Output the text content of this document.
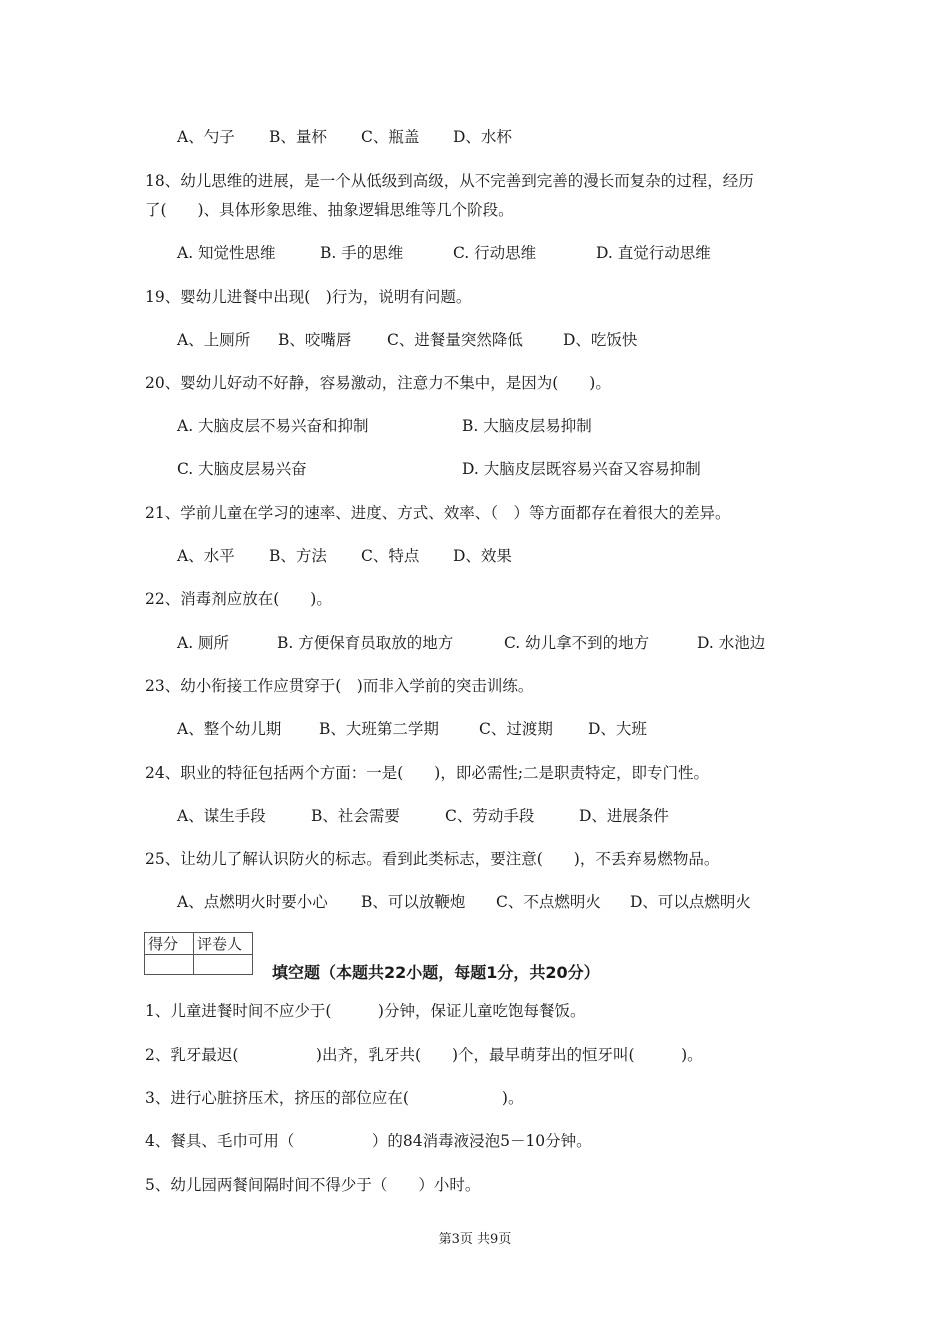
A、勺子 B、量杯 C、瓶盖 D、水杯
18、幼儿思维的进展，是一个从低级到高级，从不完善到完善的漫长而复杂的过程，经历
了(　　)、具体形象思维、抽象逻辑思维等几个阶段。
A. 知觉性思维	B. 手的思维	C. 行动思维	D. 直觉行动思维
19、婴幼儿进餐中出现(　)行为，说明有问题。
A、上厕所 B、咬嘴唇 C、进餐量突然降低	D、吃饭快
20、婴幼儿好动不好静，容易激动，注意力不集中，是因为(　　)。
A. 大脑皮层不易兴奋和抑制	B. 大脑皮层易抑制
C. 大脑皮层易兴奋	D. 大脑皮层既容易兴奋又容易抑制
21、学前儿童在学习的速率、进度、方式、效率、（　）等方面都存在着很大的差异。
A、水平 B、方法 C、特点 D、效果
22、消毒剂应放在(　　)。
A. 厕所	B. 方便保育员取放的地方	C. 幼儿拿不到的地方	D. 水池边
23、幼小衔接工作应贯穿于(　)而非入学前的突击训练。
A、整个幼儿期 B、大班第二学期	C、过渡期 D、大班
24、职业的特征包括两个方面：一是(　　)，即必需性;二是职责特定，即专门性。
A、谋生手段	B、社会需要	C、劳动手段	D、进展条件
25、让幼儿了解认识防火的标志。看到此类标志，要注意(　　)，不丢弃易燃物品。
A、点燃明火时要小心 B、可以放鞭炮 C、不点燃明火 D、可以点燃明火
得分	评卷人

填空题（本题共22小题，每题1分，共20分）
1、儿童进餐时间不应少于(　　　)分钟，保证儿童吃饱每餐饭。
2、乳牙最迟(　　　　　)出齐，乳牙共(　　)个，最早萌芽出的恒牙叫(　　　)。
3、进行心脏挤压术，挤压的部位应在(　　　　　　)。
4、餐具、毛巾可用（　　　　　）的84消毒液浸泡5－10分钟。
5、幼儿园两餐间隔时间不得少于（　　）小时。
第3页 共9页
